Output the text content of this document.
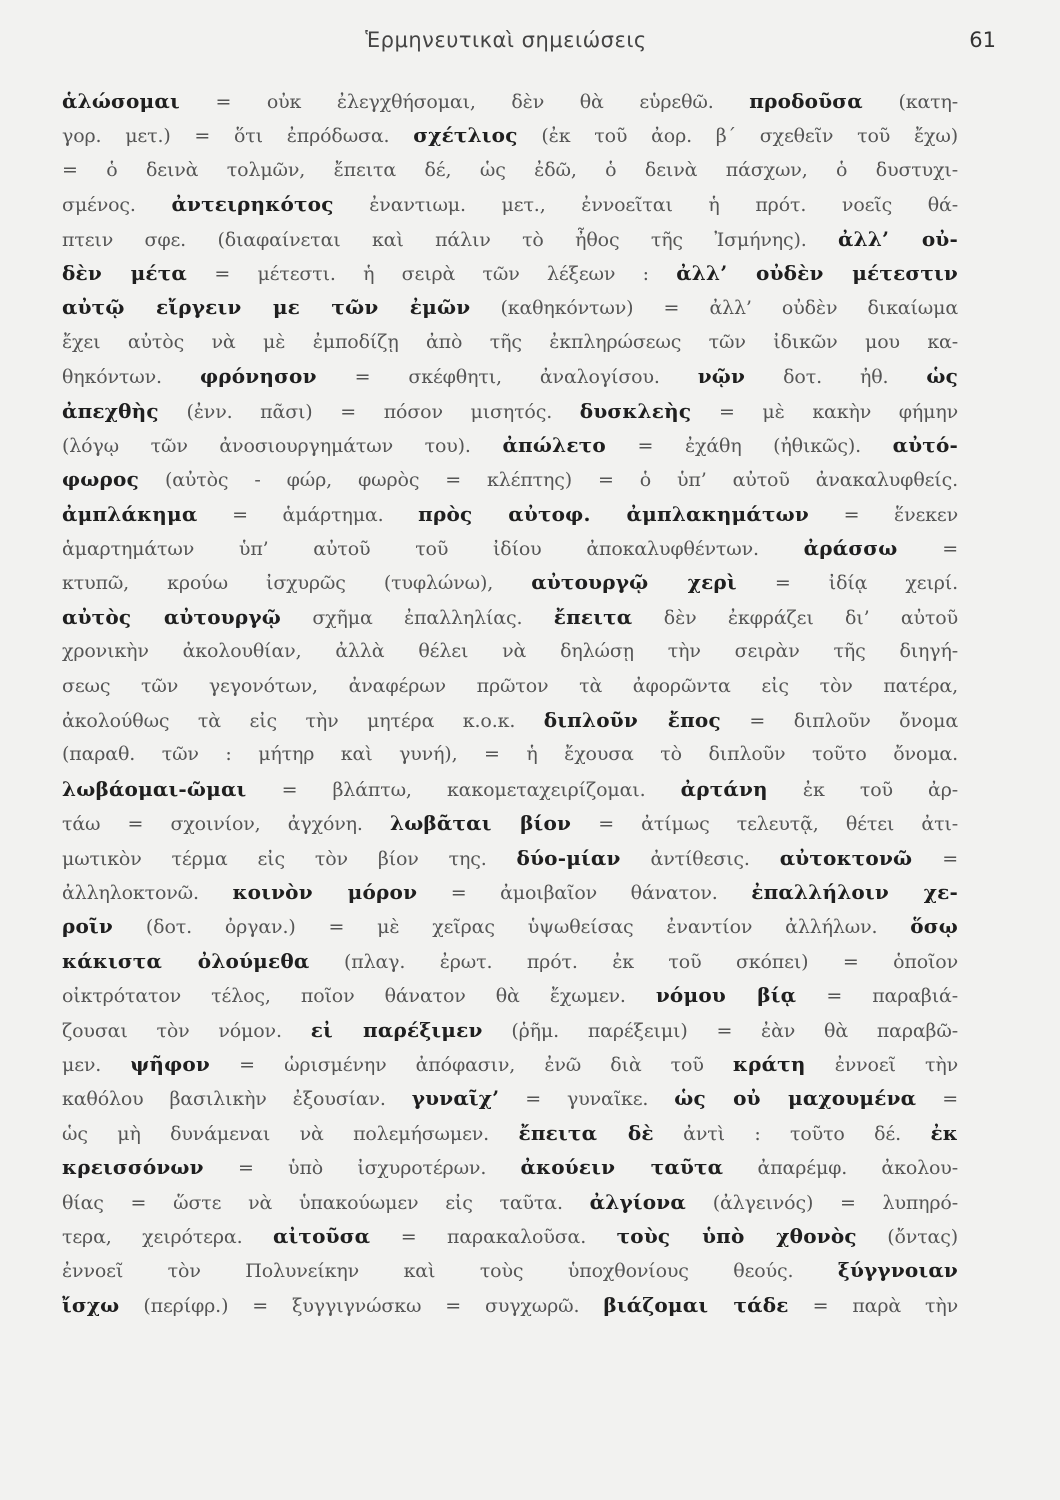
Ἑρμηνευτικαὶ σημειώσεις	61
ἁλώσομαι = οὐκ ἐλεγχθήσομαι, δὲν θὰ εὑρεθῶ. προδοῦσα (κατη-
γορ. μετ.) = ὅτι ἐπρόδωσα. σχέτλιος (ἐκ τοῦ ἀορ. β΄ σχεθεῖν τοῦ ἔχω)
= ὁ δεινὰ τολμῶν, ἔπειτα δέ, ὡς ἐδῶ, ὁ δεινὰ πάσχων, ὁ δυστυχι-
σμένος. ἀντειρηκότος ἐναντιωμ. μετ., ἐννοεῖται ἡ πρότ. νοεῖς θά-
πτειν σφε. (διαφαίνεται καὶ πάλιν τὸ ἦθος τῆς Ἰσμήνης). ἀλλ’ οὐ-
δὲν μέτα = μέτεστι. ἡ σειρὰ τῶν λέξεων : ἀλλ’ οὐδὲν μέτεστιν
αὐτῷ εἴργειν με τῶν ἐμῶν (καθηκόντων) = ἀλλ’ οὐδὲν δικαίωμα
ἔχει αὐτὸς νὰ μὲ ἐμποδίζῃ ἀπὸ τῆς ἐκπληρώσεως τῶν ἰδικῶν μου κα-
θηκόντων. φρόνησον = σκέφθητι, ἀναλογίσου. νῷν δοτ. ἠθ. ὡς
ἀπεχθὴς (ἐνν. πᾶσι) = πόσον μισητός. δυσκλεὴς = μὲ κακὴν φήμην
(λόγῳ τῶν ἀνοσιουργημάτων του). ἀπώλετο = ἐχάθη (ἠθικῶς). αὐτό-
φωρος (αὐτὸς - φώρ, φωρὸς = κλέπτης) = ὁ ὑπ’ αὐτοῦ ἀνακαλυφθείς.
ἀμπλάκημα = ἁμάρτημα. πρὸς αὐτοφ. ἀμπλακημάτων = ἕνεκεν
ἁμαρτημάτων ὑπ’ αὐτοῦ τοῦ ἰδίου ἀποκαλυφθέντων. ἀράσσω =
κτυπῶ, κρούω ἰσχυρῶς (τυφλώνω), αὐτουργῷ χερὶ = ἰδίᾳ χειρί.
αὐτὸς αὐτουργῷ σχῆμα ἐπαλληλίας. ἔπειτα δὲν ἐκφράζει δι’ αὐτοῦ
χρονικὴν ἀκολουθίαν, ἀλλὰ θέλει νὰ δηλώσῃ τὴν σειρὰν τῆς διηγή-
σεως τῶν γεγονότων, ἀναφέρων πρῶτον τὰ ἀφορῶντα εἰς τὸν πατέρα,
ἀκολούθως τὰ εἰς τὴν μητέρα κ.ο.κ. διπλοῦν ἔπος = διπλοῦν ὄνομα
(παραθ. τῶν : μήτηρ καὶ γυνή), = ἡ ἔχουσα τὸ διπλοῦν τοῦτο ὄνομα.
λωβάομαι-ῶμαι = βλάπτω, κακομεταχειρίζομαι. ἀρτάνη ἐκ τοῦ ἀρ-
τάω = σχοινίον, ἀγχόνη. λωβᾶται βίον = ἀτίμως τελευτᾷ, θέτει ἀτι-
μωτικὸν τέρμα εἰς τὸν βίον της. δύο-μίαν ἀντίθεσις. αὐτοκτονῶ =
ἀλληλοκτονῶ. κοινὸν μόρον = ἀμοιβαῖον θάνατον. ἐπαλλήλοιν χε-
ροῖν (δοτ. ὀργαν.) = μὲ χεῖρας ὑψωθείσας ἐναντίον ἀλλήλων. ὅσῳ
κάκιστα ὀλούμεθα (πλαγ. ἐρωτ. πρότ. ἐκ τοῦ σκόπει) = ὁποῖον
οἰκτρότατον τέλος, ποῖον θάνατον θὰ ἔχωμεν. νόμου βίᾳ = παραβιά-
ζουσαι τὸν νόμον. εἰ παρέξιμεν (ῥῆμ. παρέξειμι) = ἐὰν θὰ παραβῶ-
μεν. ψῆφον = ὡρισμένην ἀπόφασιν, ἐνῶ διὰ τοῦ κράτη ἐννοεῖ τὴν
καθόλου βασιλικὴν ἐξουσίαν. γυναῖχ’ = γυναῖκε. ὡς οὐ μαχουμένα =
ὡς μὴ δυνάμεναι νὰ πολεμήσωμεν. ἔπειτα δὲ ἀντὶ : τοῦτο δέ. ἐκ
κρεισσόνων = ὑπὸ ἰσχυροτέρων. ἀκούειν ταῦτα ἀπαρέμφ. ἀκολου-
θίας = ὥστε νὰ ὑπακούωμεν εἰς ταῦτα. ἀλγίονα (ἀλγεινός) = λυπηρό-
τερα, χειρότερα. αἰτοῦσα = παρακαλοῦσα. τοὺς ὑπὸ χθονὸς (ὄντας)
ἐννοεῖ τὸν Πολυνείκην καὶ τοὺς ὑποχθονίους θεούς. ξύγγνοιαν
ἴσχω (περίφρ.) = ξυγγιγνώσκω = συγχωρῶ. βιάζομαι τάδε = παρὰ τὴν
